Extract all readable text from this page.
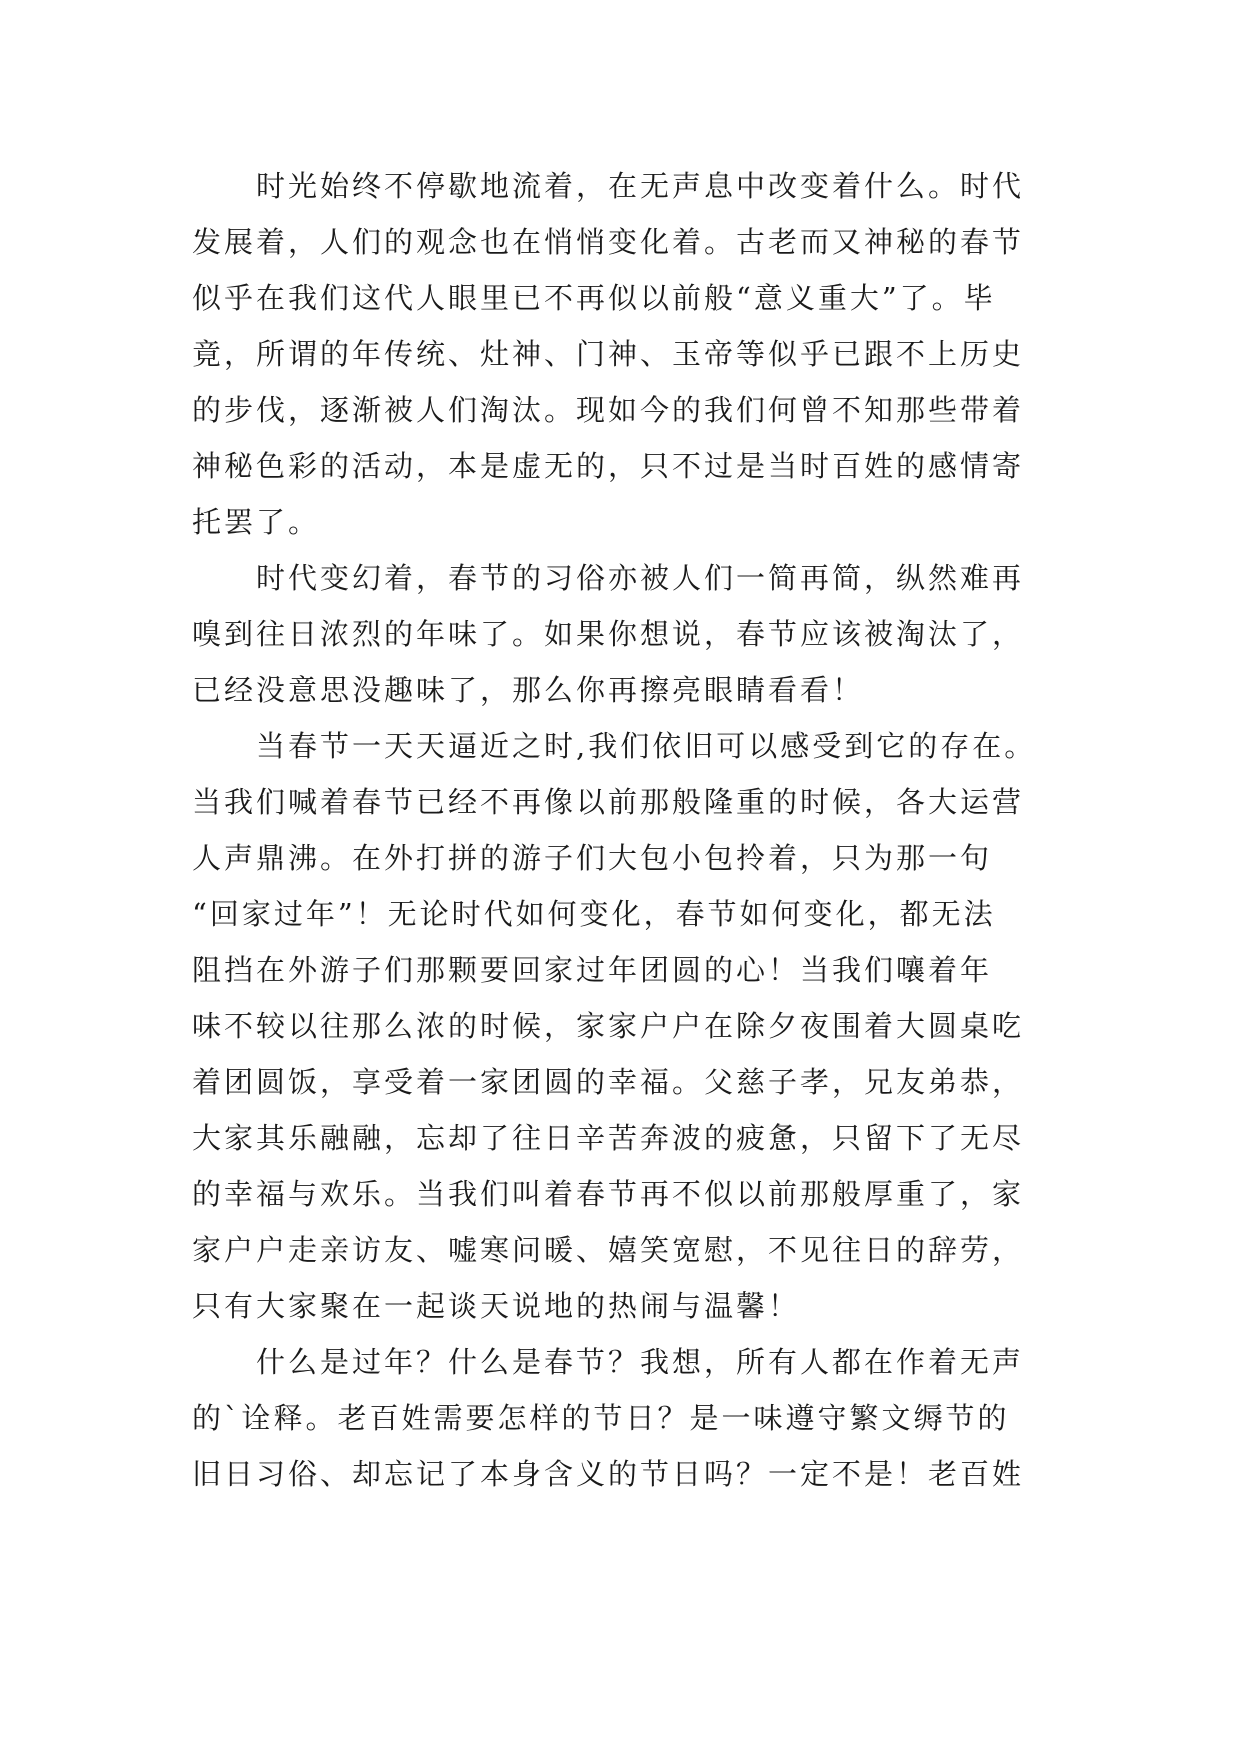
时光始终不停歇地流着，在无声息中改变着什么。时代
发展着，人们的观念也在悄悄变化着。古老而又神秘的春节
似乎在我们这代人眼里已不再似以前般“意义重大”了。毕
竟，所谓的年传统、灶神、门神、玉帝等似乎已跟不上历史
的步伐，逐渐被人们淘汰。现如今的我们何曾不知那些带着
神秘色彩的活动，本是虚无的，只不过是当时百姓的感情寄
托罢了。
时代变幻着，春节的习俗亦被人们一简再简，纵然难再
嗅到往日浓烈的年味了。如果你想说，春节应该被淘汰了，
已经没意思没趣味了，那么你再擦亮眼睛看看！
当春节一天天逼近之时,我们依旧可以感受到它的存在。
当我们喊着春节已经不再像以前那般隆重的时候，各大运营
人声鼎沸。在外打拼的游子们大包小包拎着，只为那一句
“回家过年”！无论时代如何变化，春节如何变化，都无法
阻挡在外游子们那颗要回家过年团圆的心！当我们嚷着年
味不较以往那么浓的时候，家家户户在除夕夜围着大圆桌吃
着团圆饭，享受着一家团圆的幸福。父慈子孝，兄友弟恭，
大家其乐融融，忘却了往日辛苦奔波的疲惫，只留下了无尽
的幸福与欢乐。当我们叫着春节再不似以前那般厚重了，家
家户户走亲访友、嘘寒问暖、嬉笑宽慰，不见往日的辞劳，
只有大家聚在一起谈天说地的热闹与温馨！
什么是过年？什么是春节？我想，所有人都在作着无声
的`诠释。老百姓需要怎样的节日？是一味遵守繁文缛节的
旧日习俗、却忘记了本身含义的节日吗？一定不是！老百姓
